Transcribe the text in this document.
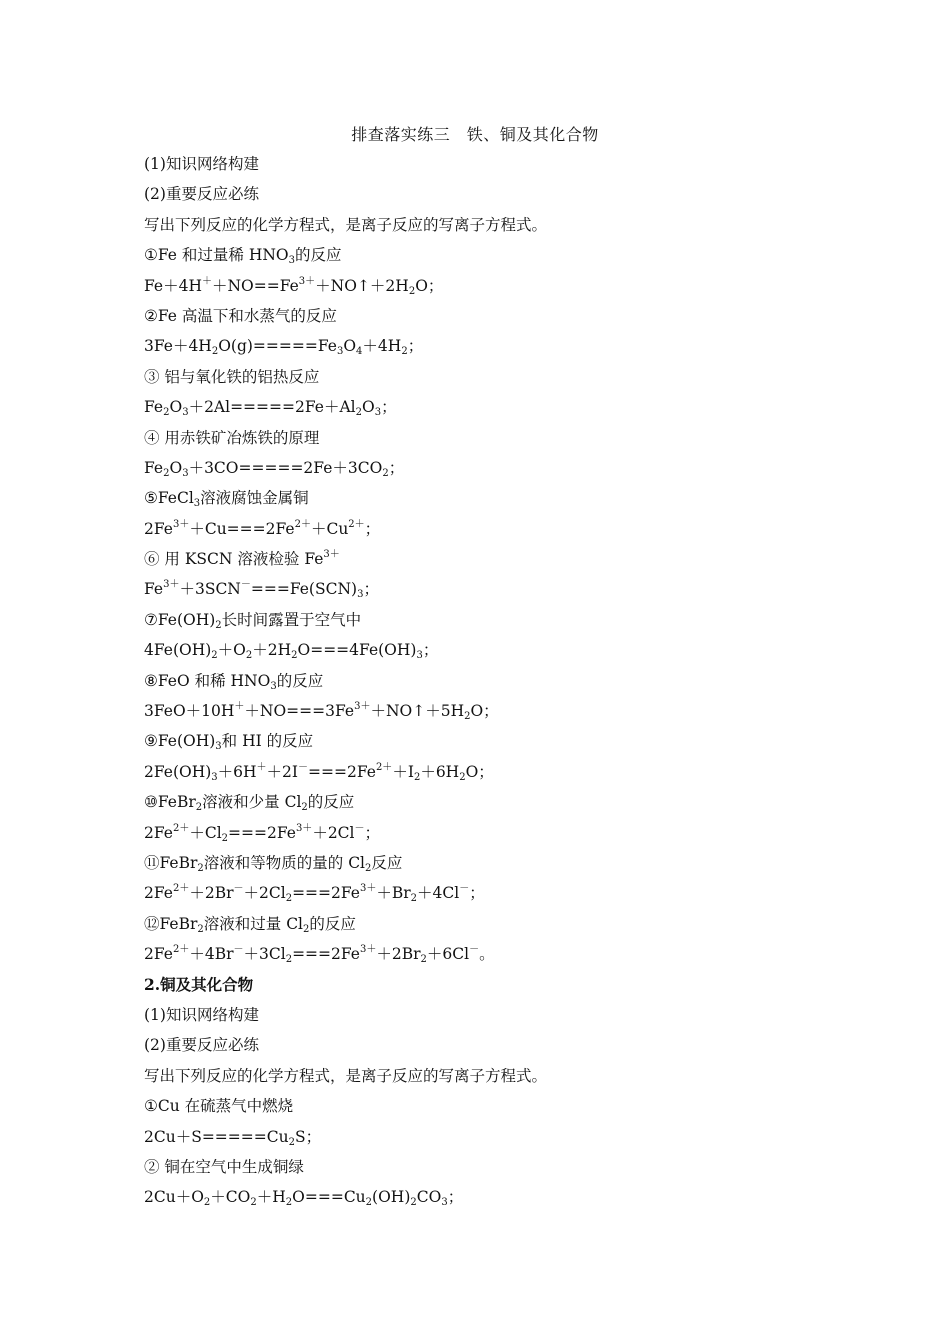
排查落实练三　铁、铜及其化合物
(1)知识网络构建
(2)重要反应必练
写出下列反应的化学方程式，是离子反应的写离子方程式。
①Fe 和过量稀 $HNO_3$的反应
$Fe+4H^++NO==Fe^{3+}+NO↑+2H_2O$；
②Fe 高温下和水蒸气的反应
$3Fe+4H_2O(g)=====Fe_3O_4+4H_2$；
③ 铝与氧化铁的铝热反应
$Fe_2O_3+2Al=====2Fe+Al_2O_3$；
④ 用赤铁矿冶炼铁的原理
$Fe_2O_3+3CO=====2Fe+3CO_2$；
⑤FeCl$_3$溶液腐蚀金属铜
$2Fe^{3+}+Cu===2Fe^{2+}+Cu^{2+}$；
⑥ 用 KSCN 溶液检验 $Fe^{3+}$
$Fe^{3+}+3SCN^-===Fe(SCN)_3$；
$⑦Fe(OH)_2$长时间露置于空气中
$4Fe(OH)_2+O_2+2H_2O===4Fe(OH)_3$；
⑧FeO 和稀 $HNO_3$的反应
$3FeO+10H^++NO===3Fe^{3+}+NO↑+5H_2O$；
$⑨Fe(OH)_3$和 HI 的反应
$2Fe(OH)_3+6H^++2I^-===2Fe^{2+}+I_2+6H_2O$；
⑩FeBr$_2$溶液和少量 $Cl_2$的反应
$2Fe^{2+}+Cl_2===2Fe^{3+}+2Cl^-$；
⑪FeBr$_2$溶液和等物质的量的 $Cl_2$反应
$2Fe^{2+}+2Br^-+2Cl_2===2Fe^{3+}+Br_2+4Cl^-$；
⑫FeBr$_2$溶液和过量 $Cl_2$的反应
$2Fe^{2+}+4Br^-+3Cl_2===2Fe^{3+}+2Br_2+6Cl^-$。
2.铜及其化合物
(1)知识网络构建
(2)重要反应必练
写出下列反应的化学方程式，是离子反应的写离子方程式。
①Cu 在硫蒸气中燃烧
$2Cu+S=====Cu_2S$；
② 铜在空气中生成铜绿
$2Cu+O_2+CO_2+H_2O===Cu_2(OH)_2CO_3$；
